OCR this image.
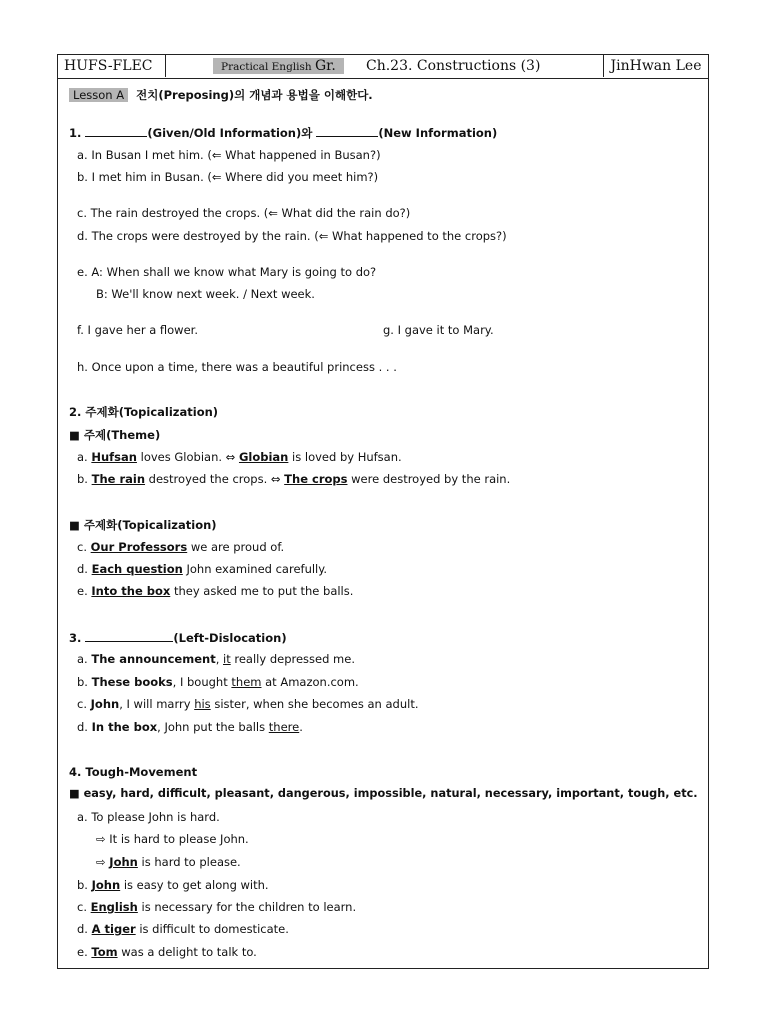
HUFS-FLEC	Practical English Gr.	Ch.23. Constructions (3)	JinHwan Lee
Lesson A 전치(Preposing)의 개념과 용법을 이해한다.
1.	(Given/Old Information)와	(New Information)
a. In Busan I met him. (⇐ What happened in Busan?)
b. I met him in Busan. (⇐ Where did you meet him?)
c. The rain destroyed the crops. (⇐ What did the rain do?)
d. The crops were destroyed by the rain. (⇐ What happened to the crops?)
e. A: When shall we know what Mary is going to do?
B: We'll know next week. / Next week.
f. I gave her a flower.	g. I gave it to Mary.
h. Once upon a time, there was a beautiful princess . . .
2. 주제화(Topicalization)
■ 주제(Theme)
a. Hufsan loves Globian. ⇔ Globian is loved by Hufsan.
b. The rain destroyed the crops. ⇔ The crops were destroyed by the rain.
■ 주제화(Topicalization)
c. Our Professors we are proud of.
d. Each question John examined carefully.
e. Into the box they asked me to put the balls.
3.	(Left-Dislocation)
a. The announcement, it really depressed me.
b. These books, I bought them at Amazon.com.
c. John, I will marry his sister, when she becomes an adult.
d. In the box, John put the balls there.
4. Tough-Movement
■ easy, hard, difficult, pleasant, dangerous, impossible, natural, necessary, important, tough, etc.
a. To please John is hard.
⇨ It is hard to please John.
⇨ John is hard to please.
b. John is easy to get along with.
c. English is necessary for the children to learn.
d. A tiger is difficult to domesticate.
e. Tom was a delight to talk to.
